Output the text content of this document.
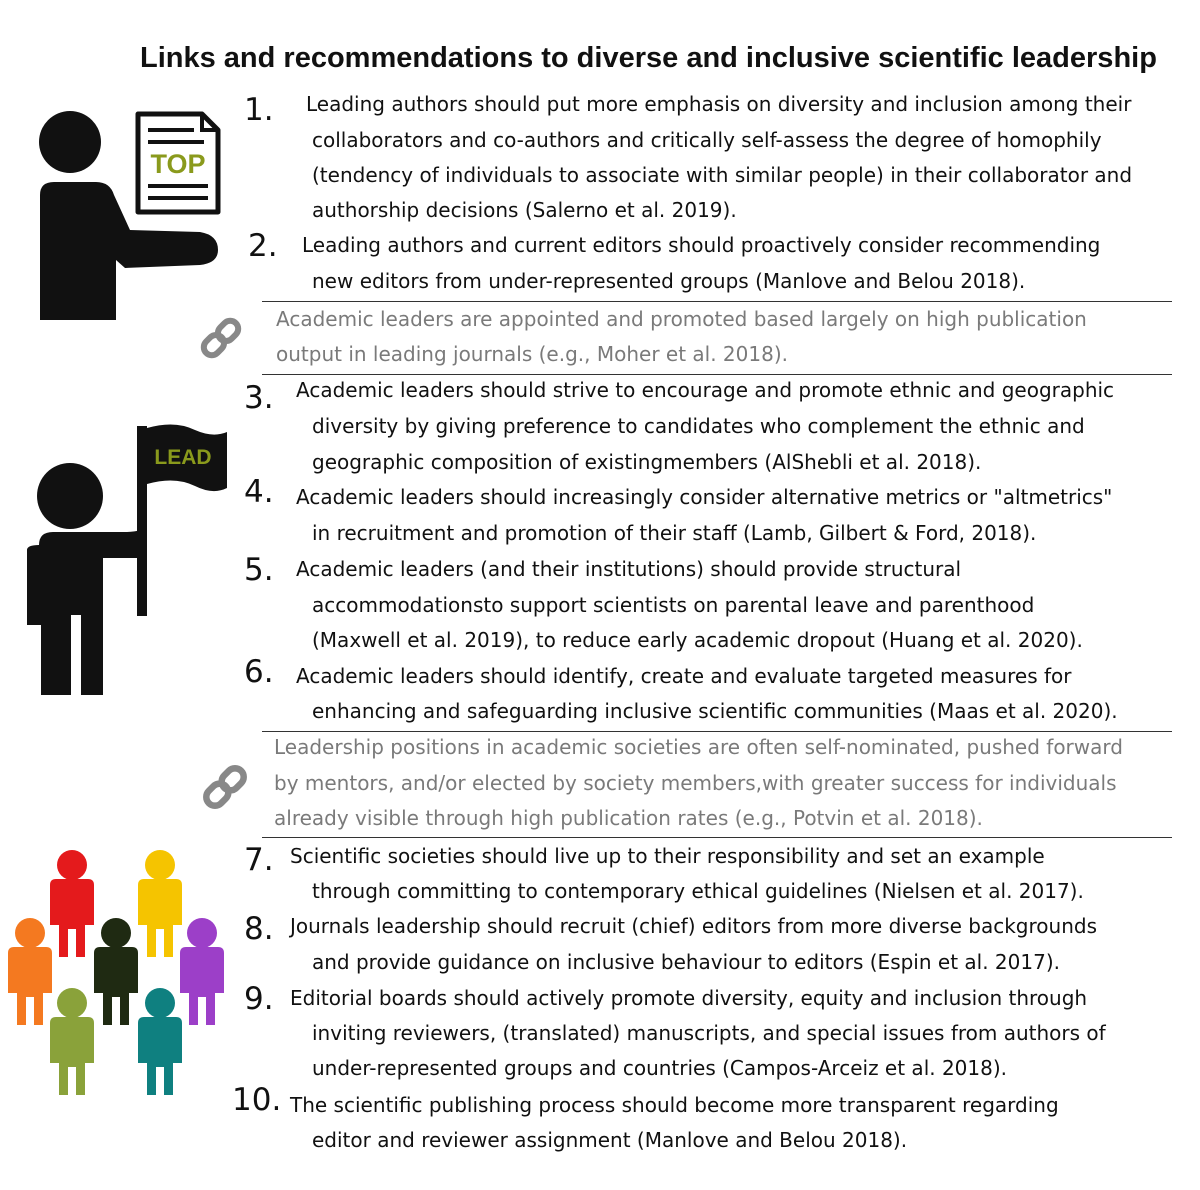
Links and recommendations to diverse and inclusive scientific leadership
1. Leading authors should put more emphasis on diversity and inclusion among their
collaborators and co-authors and critically self-assess the degree of homophily
(tendency of individuals to associate with similar people) in their collaborator and
authorship decisions (Salerno et al. 2019).
2. Leading authors and current editors should proactively consider recommending
new editors from under-represented groups (Manlove and Belou 2018).
Academic leaders are appointed and promoted based largely on high publication
output in leading journals (e.g., Moher et al. 2018).
3. Academic leaders should strive to encourage and promote ethnic and geographic
diversity by giving preference to candidates who complement the ethnic and
geographic composition of existingmembers (AlShebli et al. 2018).
4. Academic leaders should increasingly consider alternative metrics or "altmetrics"
in recruitment and promotion of their staff (Lamb, Gilbert & Ford, 2018).
5. Academic leaders (and their institutions) should provide structural
accommodationsto support scientists on parental leave and parenthood
(Maxwell et al. 2019), to reduce early academic dropout (Huang et al. 2020).
6. Academic leaders should identify, create and evaluate targeted measures for
enhancing and safeguarding inclusive scientific communities (Maas et al. 2020).
Leadership positions in academic societies are often self-nominated, pushed forward
by mentors, and/or elected by society members,with greater success for individuals
already visible through high publication rates (e.g., Potvin et al. 2018).
7. Scientific societies should live up to their responsibility and set an example
through committing to contemporary ethical guidelines (Nielsen et al. 2017).
8. Journals leadership should recruit (chief) editors from more diverse backgrounds
and provide guidance on inclusive behaviour to editors (Espin et al. 2017).
9. Editorial boards should actively promote diversity, equity and inclusion through
inviting reviewers, (translated) manuscripts, and special issues from authors of
under-represented groups and countries (Campos-Arceiz et al. 2018).
10. The scientific publishing process should become more transparent regarding
editor and reviewer assignment (Manlove and Belou 2018).
TOP
LEAD
